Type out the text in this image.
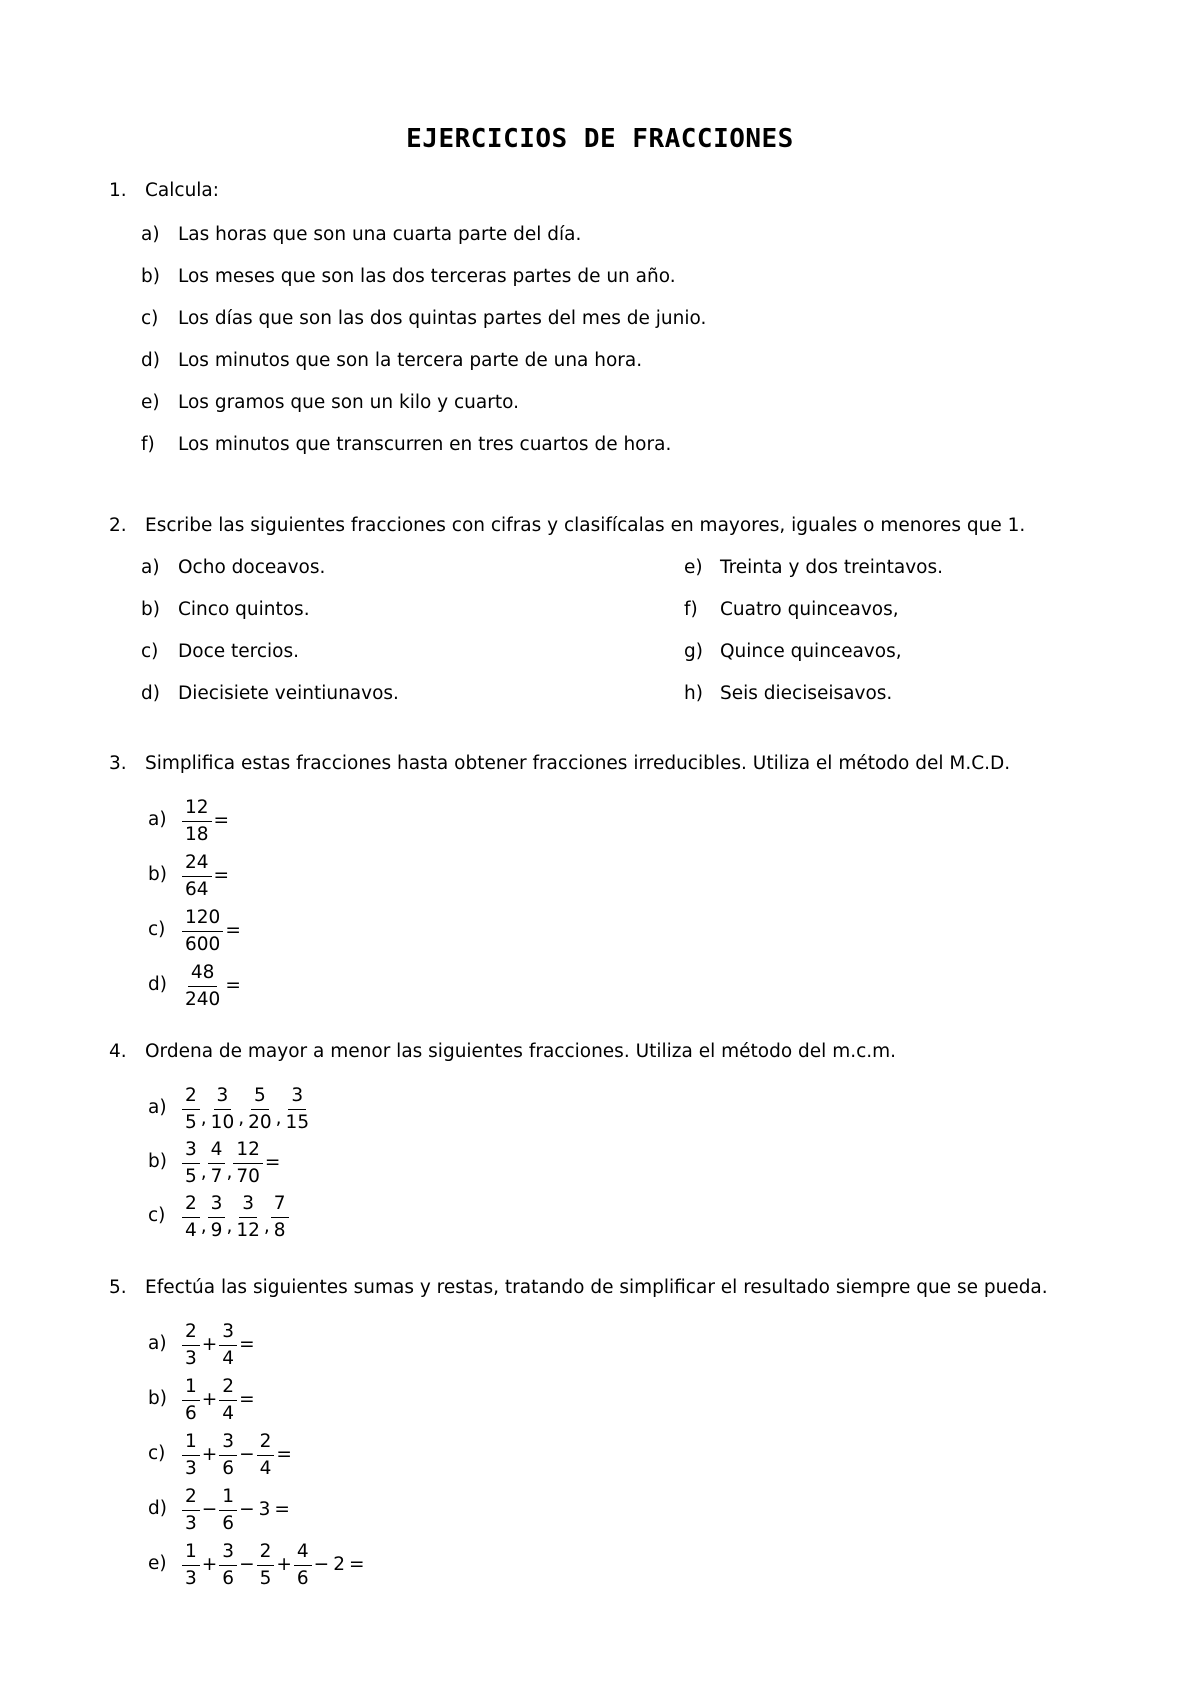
EJERCICIOS DE FRACCIONES
1. Calcula:
a) Las horas que son una cuarta parte del día.
b) Los meses que son las dos terceras partes de un año.
c) Los días que son las dos quintas partes del mes de junio.
d) Los minutos que son la tercera parte de una hora.
e) Los gramos que son un kilo y cuarto.
f) Los minutos que transcurren en tres cuartos de hora.
2. Escribe las siguientes fracciones con cifras y clasifícalas en mayores, iguales o menores que 1.
a) Ocho doceavos.
b) Cinco quintos.
c) Doce tercios.
d) Diecisiete veintiunavos.
e) Treinta y dos treintavos.
f) Cuatro quinceavos,
g) Quince quinceavos,
h) Seis dieciseisavos.
3. Simplifica estas fracciones hasta obtener fracciones irreducibles. Utiliza el método del M.C.D.
$a) \frac{12}{18}$ =
$b) \frac{24}{64}$ =
$c) \frac{120}{600}$ =
$d) \frac{48}{240}$ =
4. Ordena de mayor a menor las siguientes fracciones. Utiliza el método del m.c.m.
$a) \frac{2}{5}$ , $\frac{3}{10}$ , $\frac{5}{20}$ , $\frac{3}{15}$
$b) \frac{3}{5}$ , $\frac{4}{7}$ , $\frac{12}{70}$ =
$c) \frac{2}{4}$ , $\frac{3}{9}$ , $\frac{3}{12}$ , $\frac{7}{8}$
5. Efectúa las siguientes sumas y restas, tratando de simplificar el resultado siempre que se pueda.
$a) \frac{2}{3} + \frac{3}{4}$ =
$b) \frac{1}{6} + \frac{2}{4}$ =
$c) \frac{1}{3} + \frac{3}{6} - \frac{2}{4}$ =
$d) \frac{2}{3} - \frac{1}{6} - 3$ =
$e) \frac{1}{3} + \frac{3}{6} - \frac{2}{5} + \frac{4}{6} - 2$ =
